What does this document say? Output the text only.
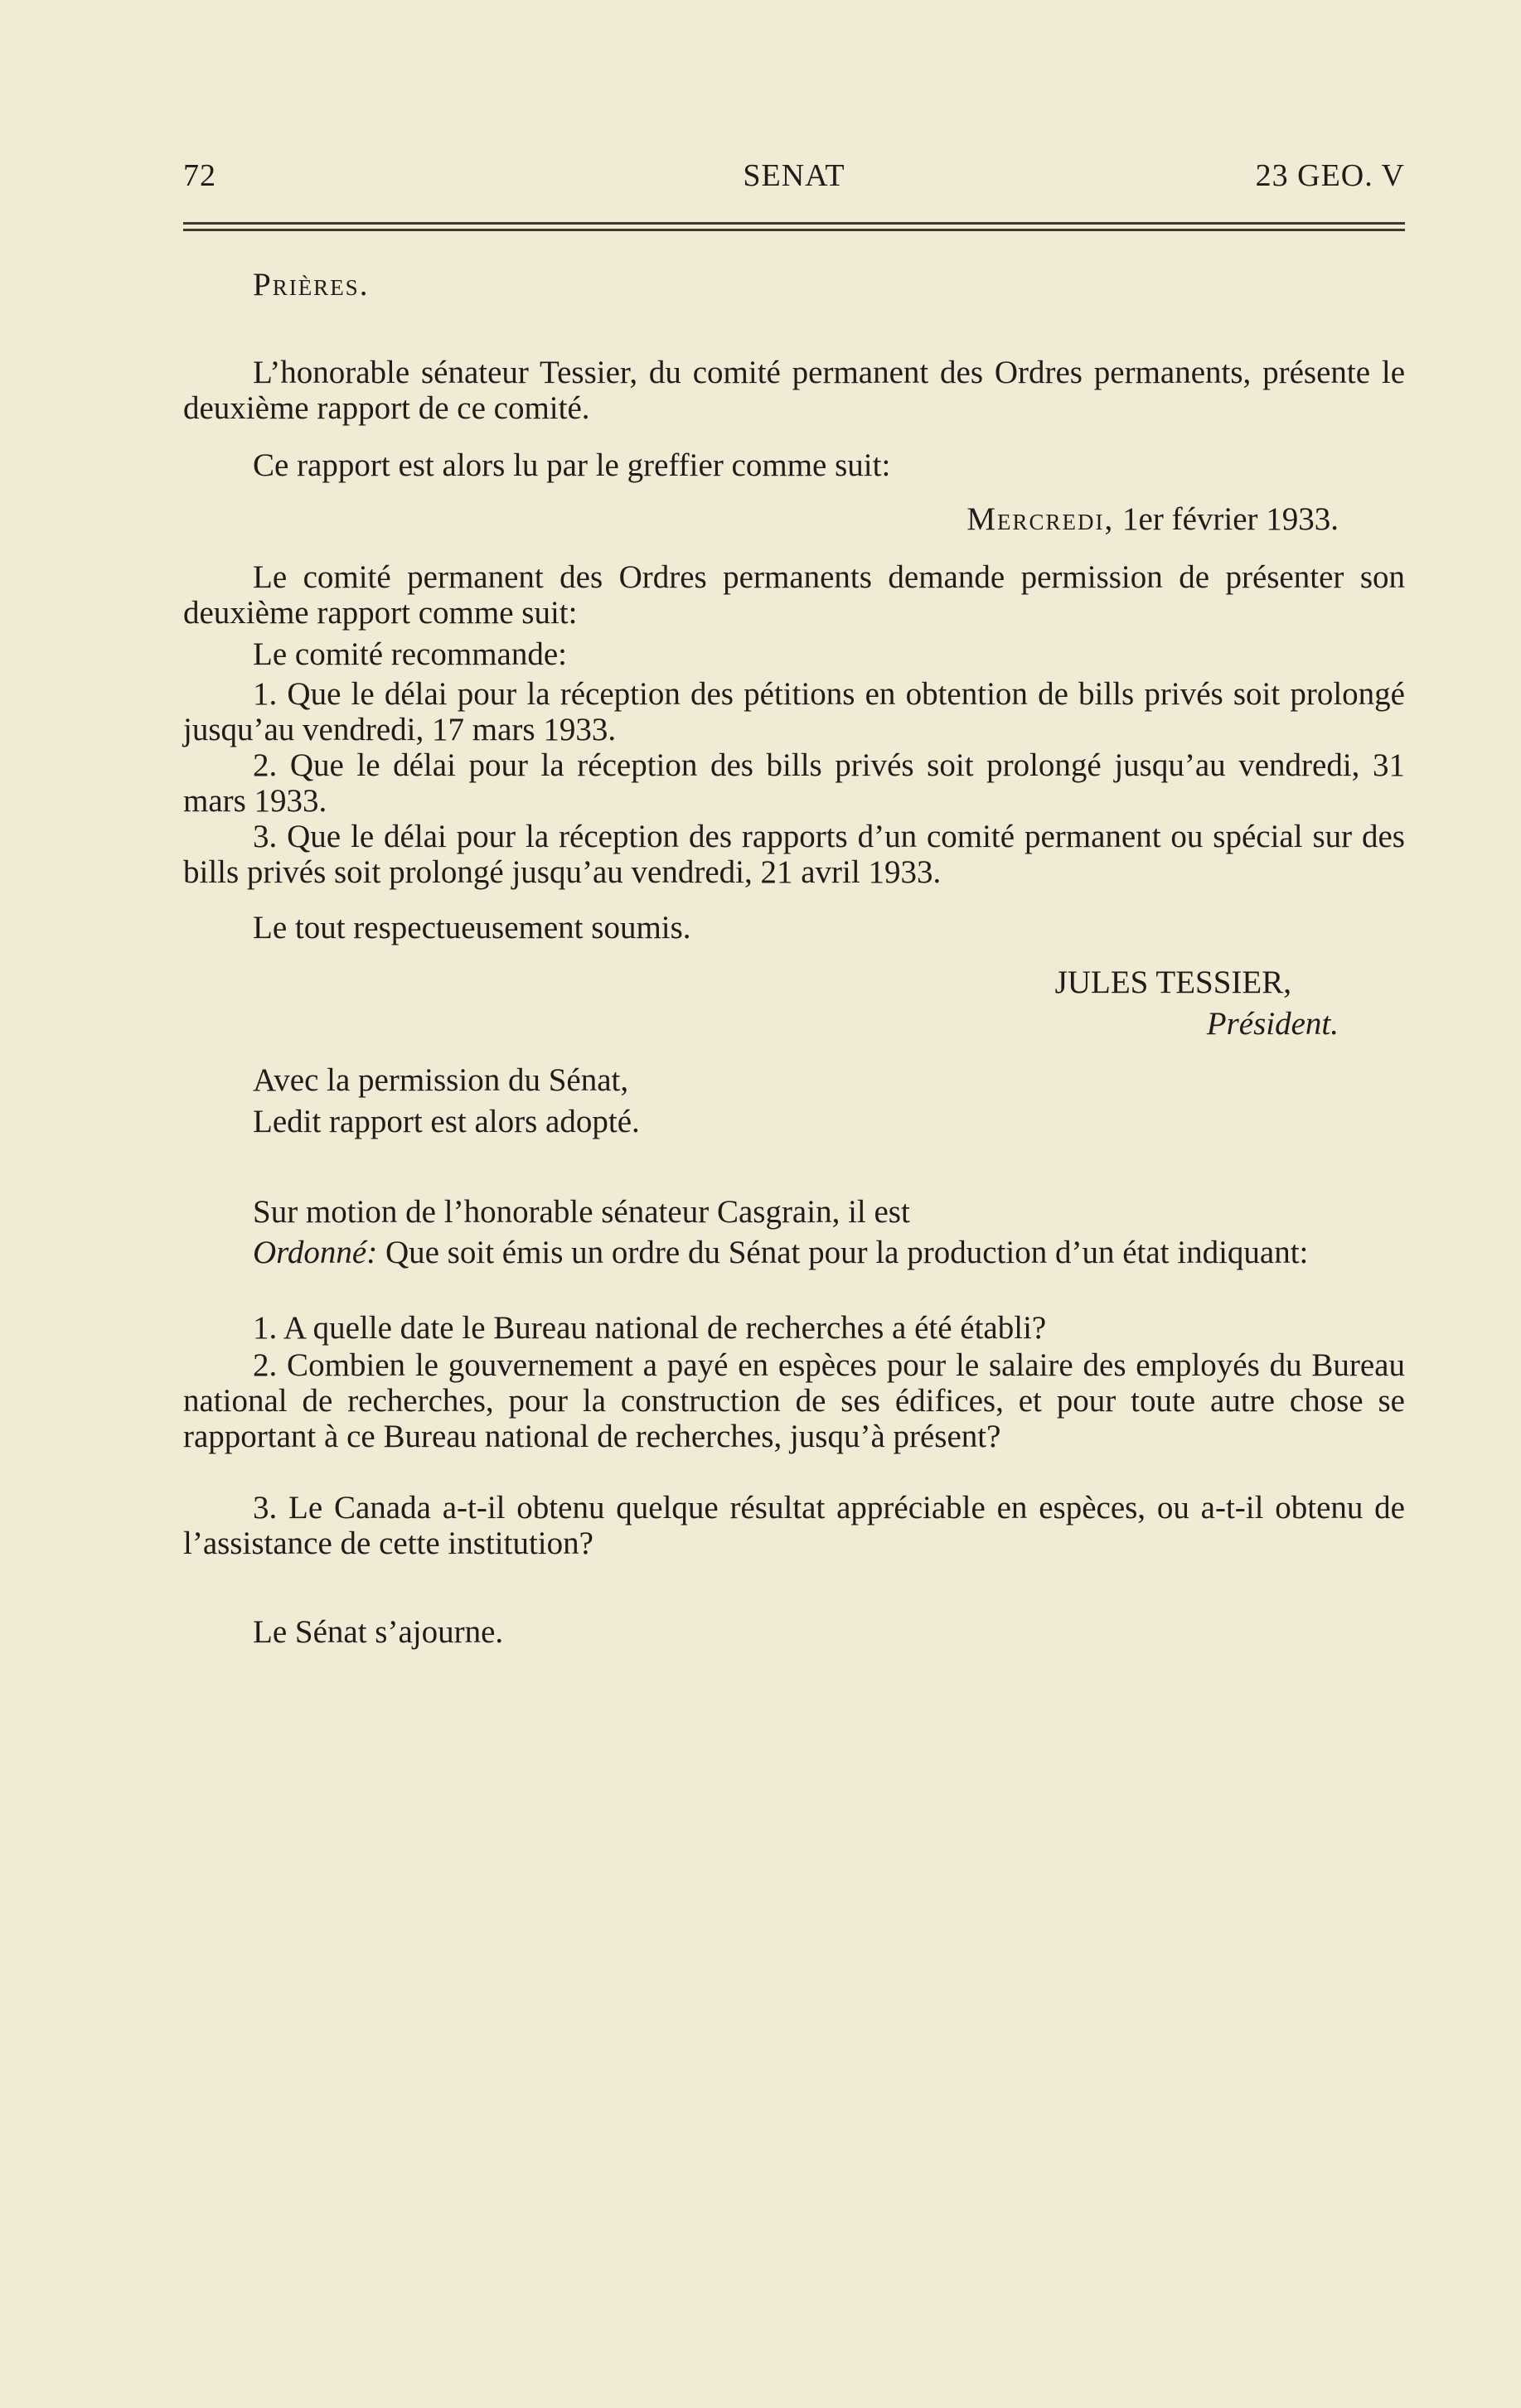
72	SENAT	23 GEO. V
Prières.
L’honorable sénateur Tessier, du comité permanent des Ordres permanents, présente le deuxième rapport de ce comité.
Ce rapport est alors lu par le greffier comme suit:
Mercredi, 1er février 1933.
Le comité permanent des Ordres permanents demande permission de présenter son deuxième rapport comme suit:
Le comité recommande:
1. Que le délai pour la réception des pétitions en obtention de bills privés soit prolongé jusqu’au vendredi, 17 mars 1933.
2. Que le délai pour la réception des bills privés soit prolongé jusqu’au vendredi, 31 mars 1933.
3. Que le délai pour la réception des rapports d’un comité permanent ou spécial sur des bills privés soit prolongé jusqu’au vendredi, 21 avril 1933.
Le tout respectueusement soumis.
JULES TESSIER,
Président.
Avec la permission du Sénat,
Ledit rapport est alors adopté.
Sur motion de l’honorable sénateur Casgrain, il est
Ordonné: Que soit émis un ordre du Sénat pour la production d’un état indiquant:
1. A quelle date le Bureau national de recherches a été établi?
2. Combien le gouvernement a payé en espèces pour le salaire des employés du Bureau national de recherches, pour la construction de ses édifices, et pour toute autre chose se rapportant à ce Bureau national de recherches, jusqu’à présent?
3. Le Canada a-t-il obtenu quelque résultat appréciable en espèces, ou a-t-il obtenu de l’assistance de cette institution?
Le Sénat s’ajourne.
